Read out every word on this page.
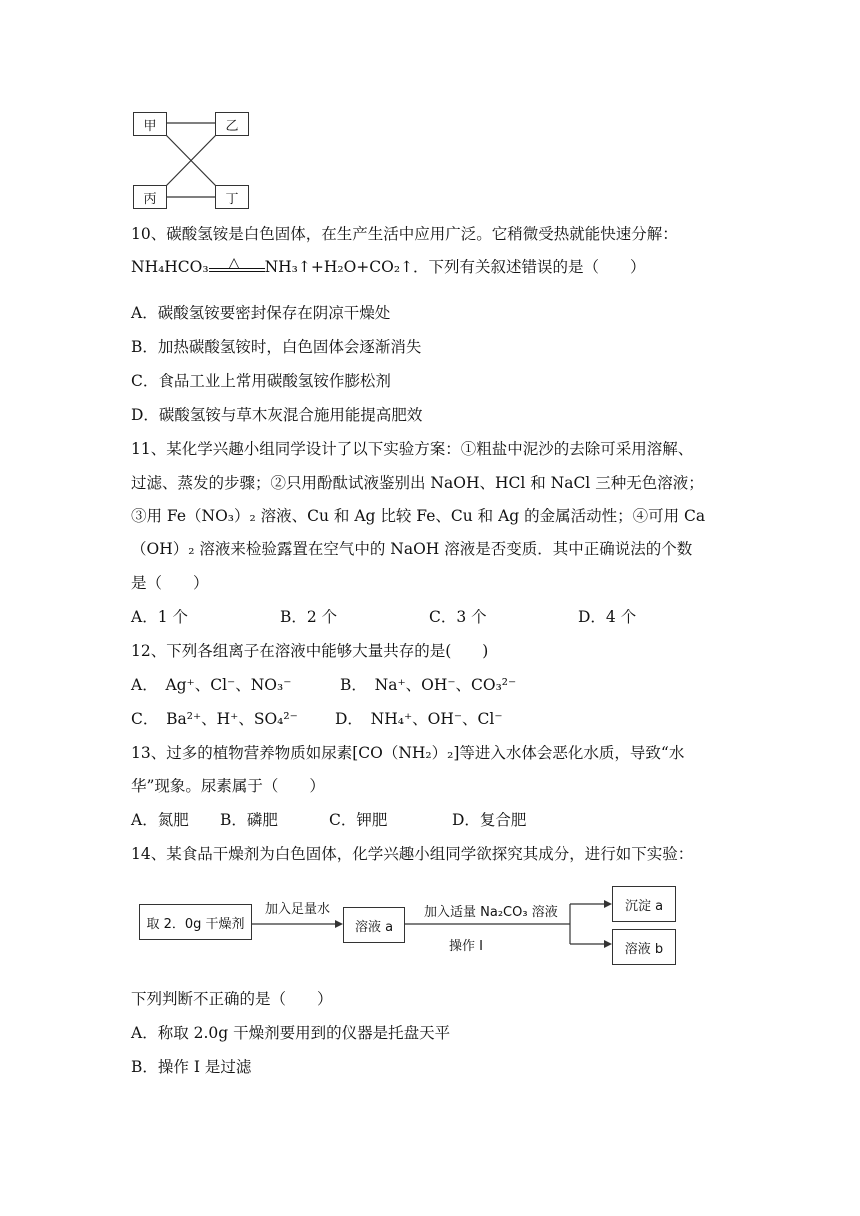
甲	乙
丙	丁
10、碳酸氢铵是白色固体，在生产生活中应用广泛。它稍微受热就能快速分解：
NH₄HCO₃ △ NH₃↑+H₂O+CO₂↑．下列有关叙述错误的是（　　）
A．碳酸氢铵要密封保存在阴凉干燥处
B．加热碳酸氢铵时，白色固体会逐渐消失
C．食品工业上常用碳酸氢铵作膨松剂
D．碳酸氢铵与草木灰混合施用能提高肥效
11、某化学兴趣小组同学设计了以下实验方案：①粗盐中泥沙的去除可采用溶解、
过滤、蒸发的步骤；②只用酚酞试液鉴别出 NaOH、HCl 和 NaCl 三种无色溶液；
③用 Fe（NO₃）₂ 溶液、Cu 和 Ag 比较 Fe、Cu 和 Ag 的金属活动性；④可用 Ca
（OH）₂ 溶液来检验露置在空气中的 NaOH 溶液是否变质．其中正确说法的个数
是（　　）
A．1 个	B．2 个	C．3 个	D．4 个
12、下列各组离子在溶液中能够大量共存的是(　　)
A．　Ag⁺、Cl⁻、NO₃⁻	B．　Na⁺、OH⁻、CO₃²⁻
C．　Ba²⁺、H⁺、SO₄²⁻ D．　NH₄⁺、OH⁻、Cl⁻
13、过多的植物营养物质如尿素[CO（NH₂）₂]等进入水体会恶化水质，导致“水
华”现象。尿素属于（　　）
A．氮肥 B．磷肥	C．钾肥	D．复合肥
14、某食品干燥剂为白色固体，化学兴趣小组同学欲探究其成分，进行如下实验：
取 2．0g 干燥剂
加入足量水
溶液 a
加入适量 Na₂CO₃ 溶液
操作 I
沉淀 a
溶液 b
下列判断不正确的是（　　）
A．称取 2.0g 干燥剂要用到的仪器是托盘天平
B．操作 I 是过滤
